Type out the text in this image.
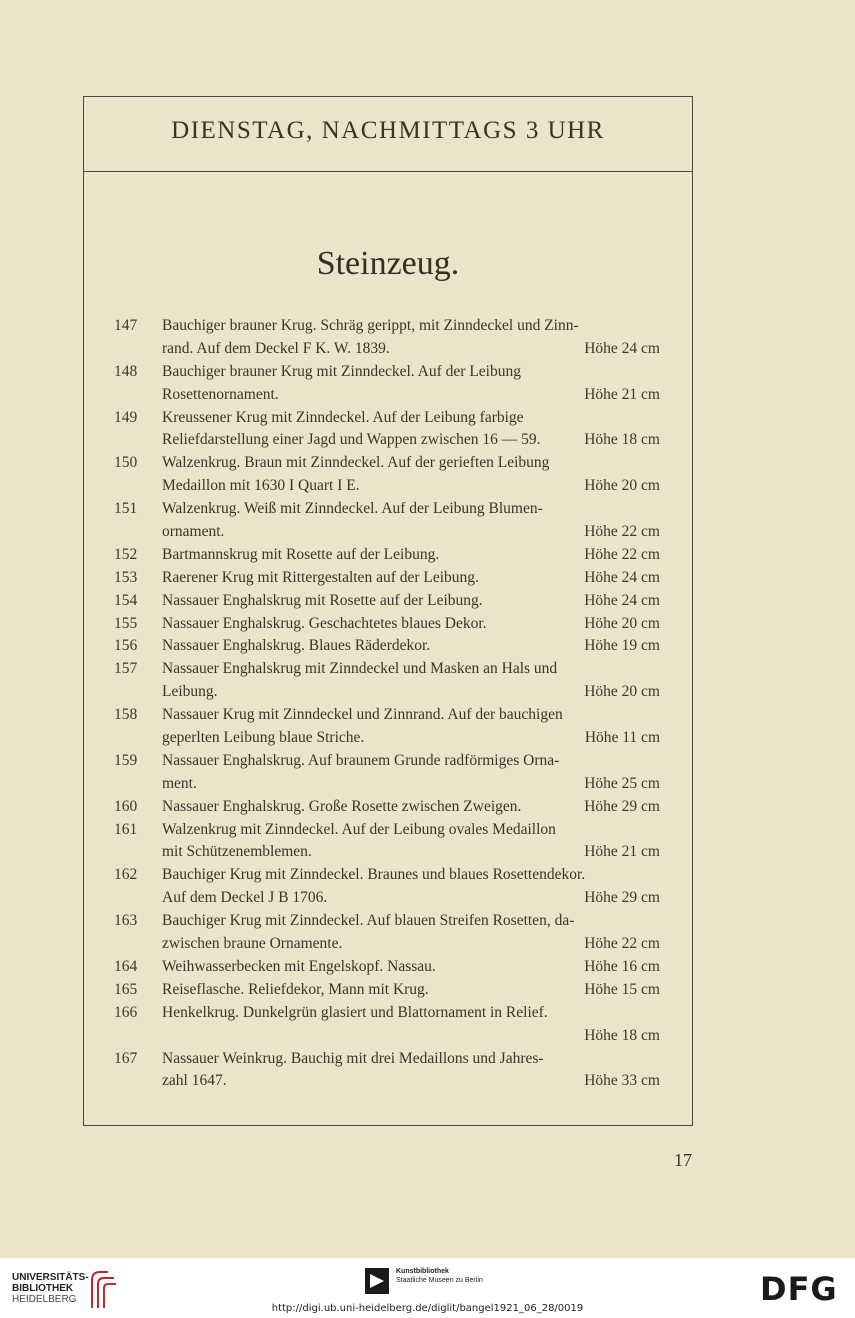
DIENSTAG, NACHMITTAGS 3 UHR
Steinzeug.
147	Bauchiger brauner Krug. Schräg gerippt, mit Zinndeckel und Zinn-
rand. Auf dem Deckel F K. W. 1839.	Höhe 24 cm
148	Bauchiger brauner Krug mit Zinndeckel. Auf der Leibung
Rosettenornament.	Höhe 21 cm
149	Kreussener Krug mit Zinndeckel. Auf der Leibung farbige
Reliefdarstellung einer Jagd und Wappen zwischen 16 — 59.	Höhe 18 cm
150	Walzenkrug. Braun mit Zinndeckel. Auf der gerieften Leibung
Medaillon mit 1630 I Quart I E.	Höhe 20 cm
151	Walzenkrug. Weiß mit Zinndeckel. Auf der Leibung Blumen-
ornament.	Höhe 22 cm
152	Bartmannskrug mit Rosette auf der Leibung.	Höhe 22 cm
153	Raerener Krug mit Rittergestalten auf der Leibung.	Höhe 24 cm
154	Nassauer Enghalskrug mit Rosette auf der Leibung.	Höhe 24 cm
155	Nassauer Enghalskrug. Geschachtetes blaues Dekor.	Höhe 20 cm
156	Nassauer Enghalskrug. Blaues Räderdekor.	Höhe 19 cm
157	Nassauer Enghalskrug mit Zinndeckel und Masken an Hals und
Leibung.	Höhe 20 cm
158	Nassauer Krug mit Zinndeckel und Zinnrand. Auf der bauchigen
geperlten Leibung blaue Striche.	Höhe 11 cm
159	Nassauer Enghalskrug. Auf braunem Grunde radförmiges Orna-
ment.	Höhe 25 cm
160	Nassauer Enghalskrug. Große Rosette zwischen Zweigen.	Höhe 29 cm
161	Walzenkrug mit Zinndeckel. Auf der Leibung ovales Medaillon
mit Schützenemblemen.	Höhe 21 cm
162	Bauchiger Krug mit Zinndeckel. Braunes und blaues Rosettendekor.
Auf dem Deckel J B 1706.	Höhe 29 cm
163	Bauchiger Krug mit Zinndeckel. Auf blauen Streifen Rosetten, da-
zwischen braune Ornamente.	Höhe 22 cm
164	Weihwasserbecken mit Engelskopf. Nassau.	Höhe 16 cm
165	Reiseflasche. Reliefdekor, Mann mit Krug.	Höhe 15 cm
166	Henkelkrug. Dunkelgrün glasiert und Blattornament in Relief.
Höhe 18 cm
167	Nassauer Weinkrug. Bauchig mit drei Medaillons und Jahres-
zahl 1647.	Höhe 33 cm
17
UNIVERSITÄTS-
BIBLIOTHEK
HEIDELBERG
Kunstbibliothek
Staatliche Museen zu Berlin	DFG
http://digi.ub.uni-heidelberg.de/diglit/bangel1921_06_28/0019
